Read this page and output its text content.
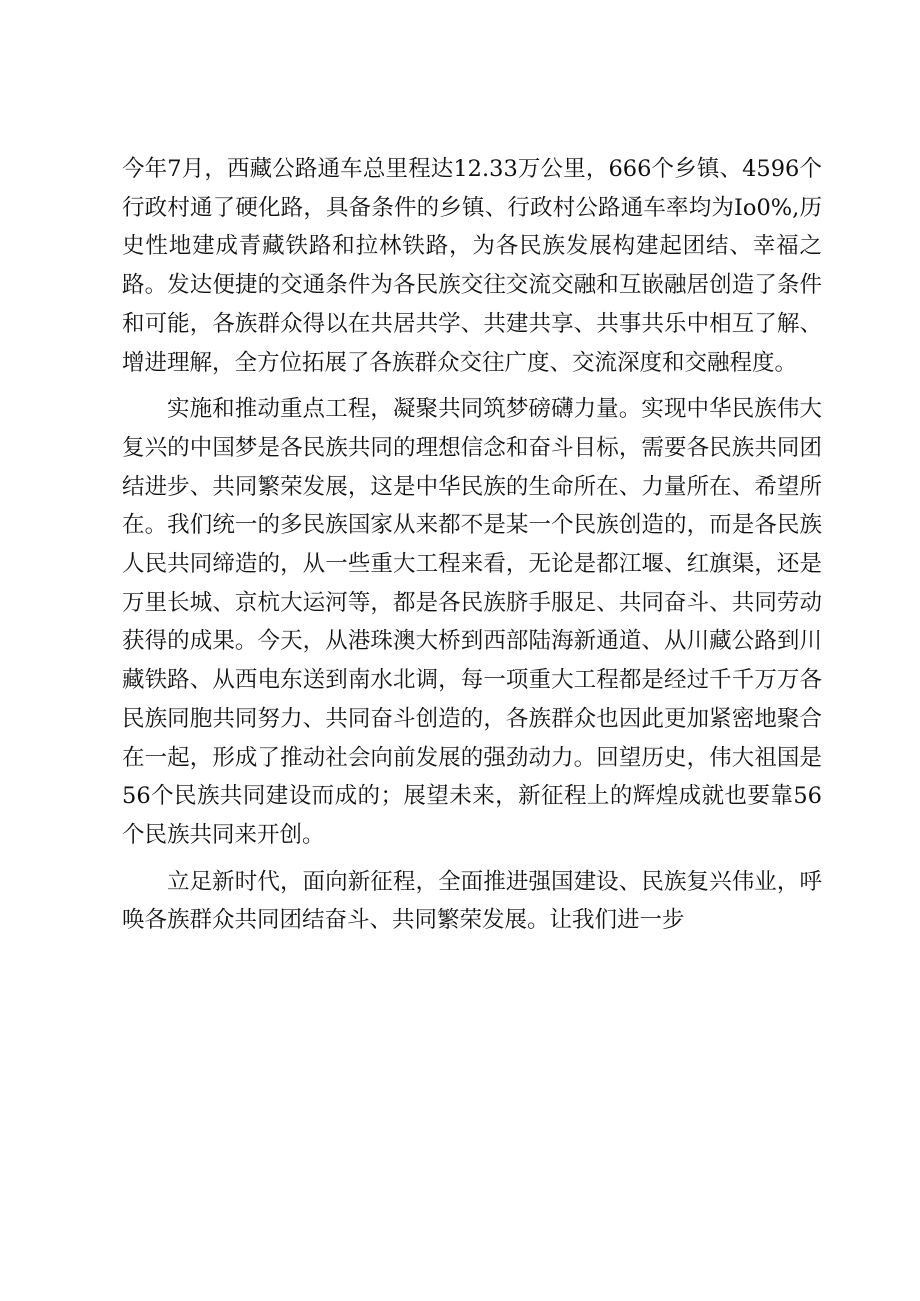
今年7月，西藏公路通车总里程达12.33万公里，666个乡镇、4596个行政村通了硬化路，具备条件的乡镇、行政村公路通车率均为Io0%,历史性地建成青藏铁路和拉林铁路，为各民族发展构建起团结、幸福之路。发达便捷的交通条件为各民族交往交流交融和互嵌融居创造了条件和可能，各族群众得以在共居共学、共建共享、共事共乐中相互了解、增进理解，全方位拓展了各族群众交往广度、交流深度和交融程度。

实施和推动重点工程，凝聚共同筑梦磅礴力量。实现中华民族伟大复兴的中国梦是各民族共同的理想信念和奋斗目标，需要各民族共同团结进步、共同繁荣发展，这是中华民族的生命所在、力量所在、希望所在。我们统一的多民族国家从来都不是某一个民族创造的，而是各民族人民共同缔造的，从一些重大工程来看，无论是都江堰、红旗渠，还是万里长城、京杭大运河等，都是各民族脐手服足、共同奋斗、共同劳动获得的成果。今天，从港珠澳大桥到西部陆海新通道、从川藏公路到川藏铁路、从西电东送到南水北调，每一项重大工程都是经过千千万万各民族同胞共同努力、共同奋斗创造的，各族群众也因此更加紧密地聚合在一起，形成了推动社会向前发展的强劲动力。回望历史，伟大祖国是56个民族共同建设而成的；展望未来，新征程上的辉煌成就也要靠56个民族共同来开创。

立足新时代，面向新征程，全面推进强国建设、民族复兴伟业，呼唤各族群众共同团结奋斗、共同繁荣发展。让我们进一步
